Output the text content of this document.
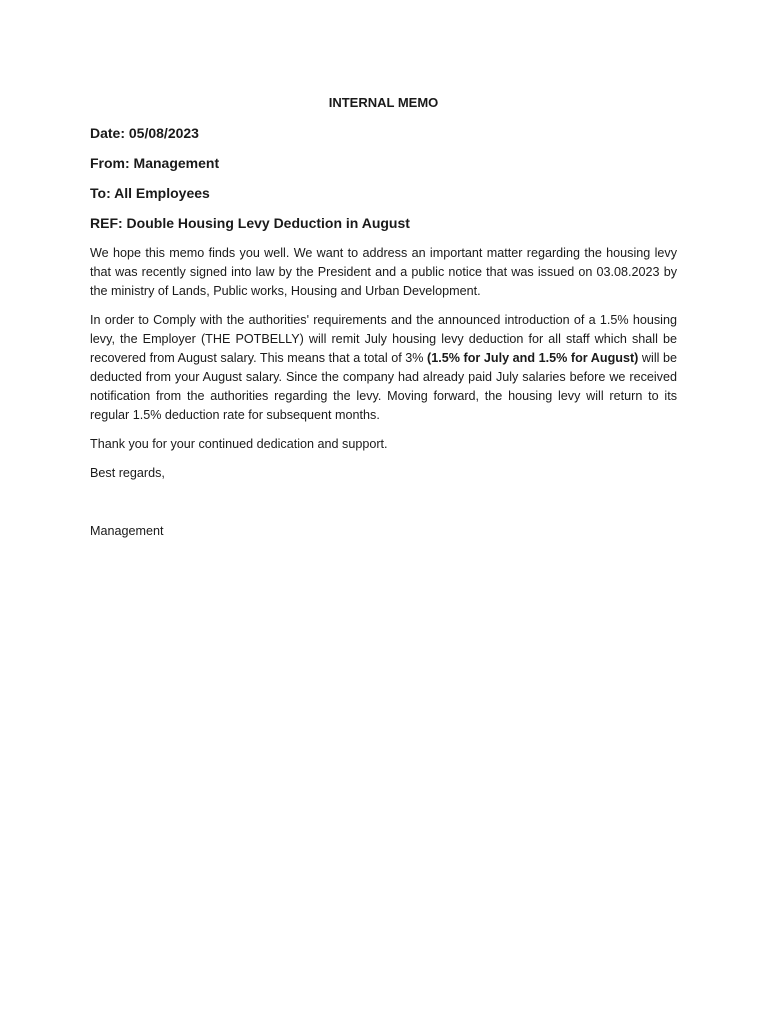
INTERNAL MEMO
Date: 05/08/2023
From: Management
To: All Employees
REF: Double Housing Levy Deduction in August

We hope this memo finds you well. We want to address an important matter regarding the housing levy that was recently signed into law by the President and a public notice that was issued on 03.08.2023 by the ministry of Lands, Public works, Housing and Urban Development.

In order to Comply with the authorities' requirements and the announced introduction of a 1.5% housing levy, the Employer (THE POTBELLY) will remit July housing levy deduction for all staff which shall be recovered from August salary. This means that a total of 3% (1.5% for July and 1.5% for August) will be deducted from your August salary. Since the company had already paid July salaries before we received notification from the authorities regarding the levy. Moving forward, the housing levy will return to its regular 1.5% deduction rate for subsequent months.

Thank you for your continued dedication and support.

Best regards,

Management
